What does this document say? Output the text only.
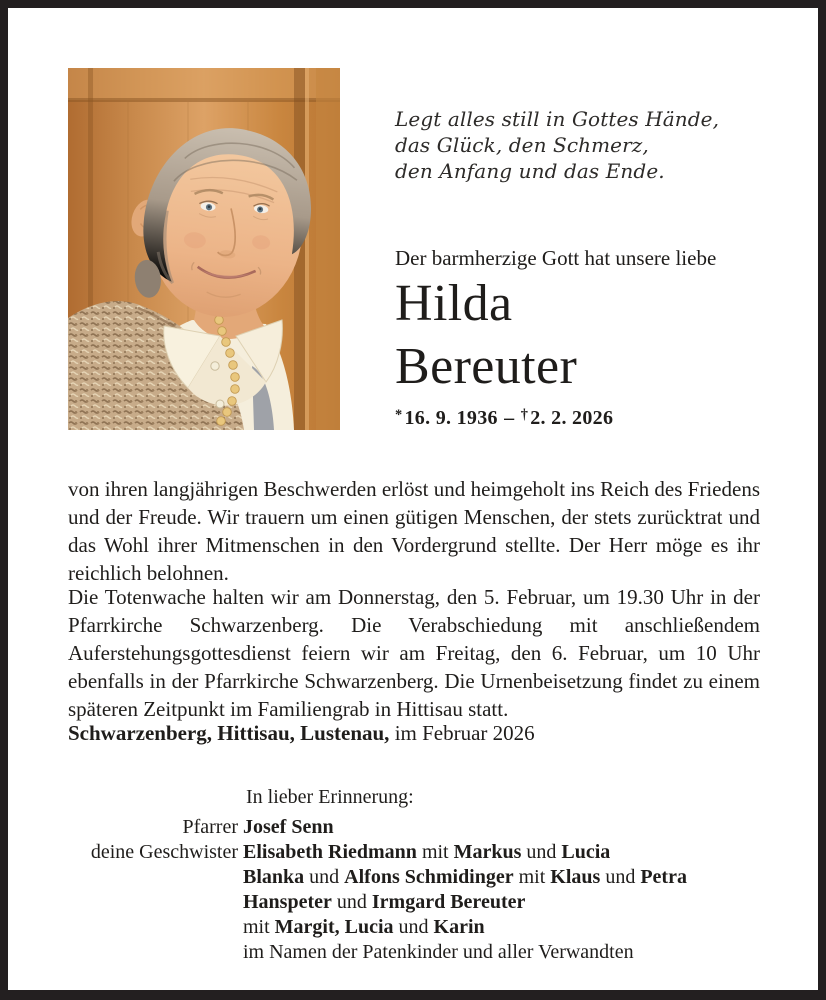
Legt alles still in Gottes Hände,
das Glück, den Schmerz,
den Anfang und das Ende.
Der barmherzige Gott hat unsere liebe
Hilda
Bereuter
* 16. 9. 1936 – † 2. 2. 2026

von ihren langjährigen Beschwerden erlöst und heimgeholt ins Reich des Friedens und der Freude. Wir trauern um einen gütigen Menschen, der stets zurücktrat und das Wohl ihrer Mitmenschen in den Vordergrund stellte. Der Herr möge es ihr reichlich belohnen.

Die Totenwache halten wir am Donnerstag, den 5. Februar, um 19.30 Uhr in der Pfarrkirche Schwarzenberg. Die Verabschiedung mit anschließendem Auferstehungsgottesdienst feiern wir am Freitag, den 6. Februar, um 10 Uhr ebenfalls in der Pfarrkirche Schwarzenberg. Die Urnenbeisetzung findet zu einem späteren Zeitpunkt im Familiengrab in Hittisau statt.

Schwarzenberg, Hittisau, Lustenau, im Februar 2026
In lieber Erinnerung:
Pfarrer Josef Senn
deine Geschwister Elisabeth Riedmann mit Markus und Lucia
Blanka und Alfons Schmidinger mit Klaus und Petra
Hanspeter und Irmgard Bereuter
mit Margit, Lucia und Karin
im Namen der Patenkinder und aller Verwandten
